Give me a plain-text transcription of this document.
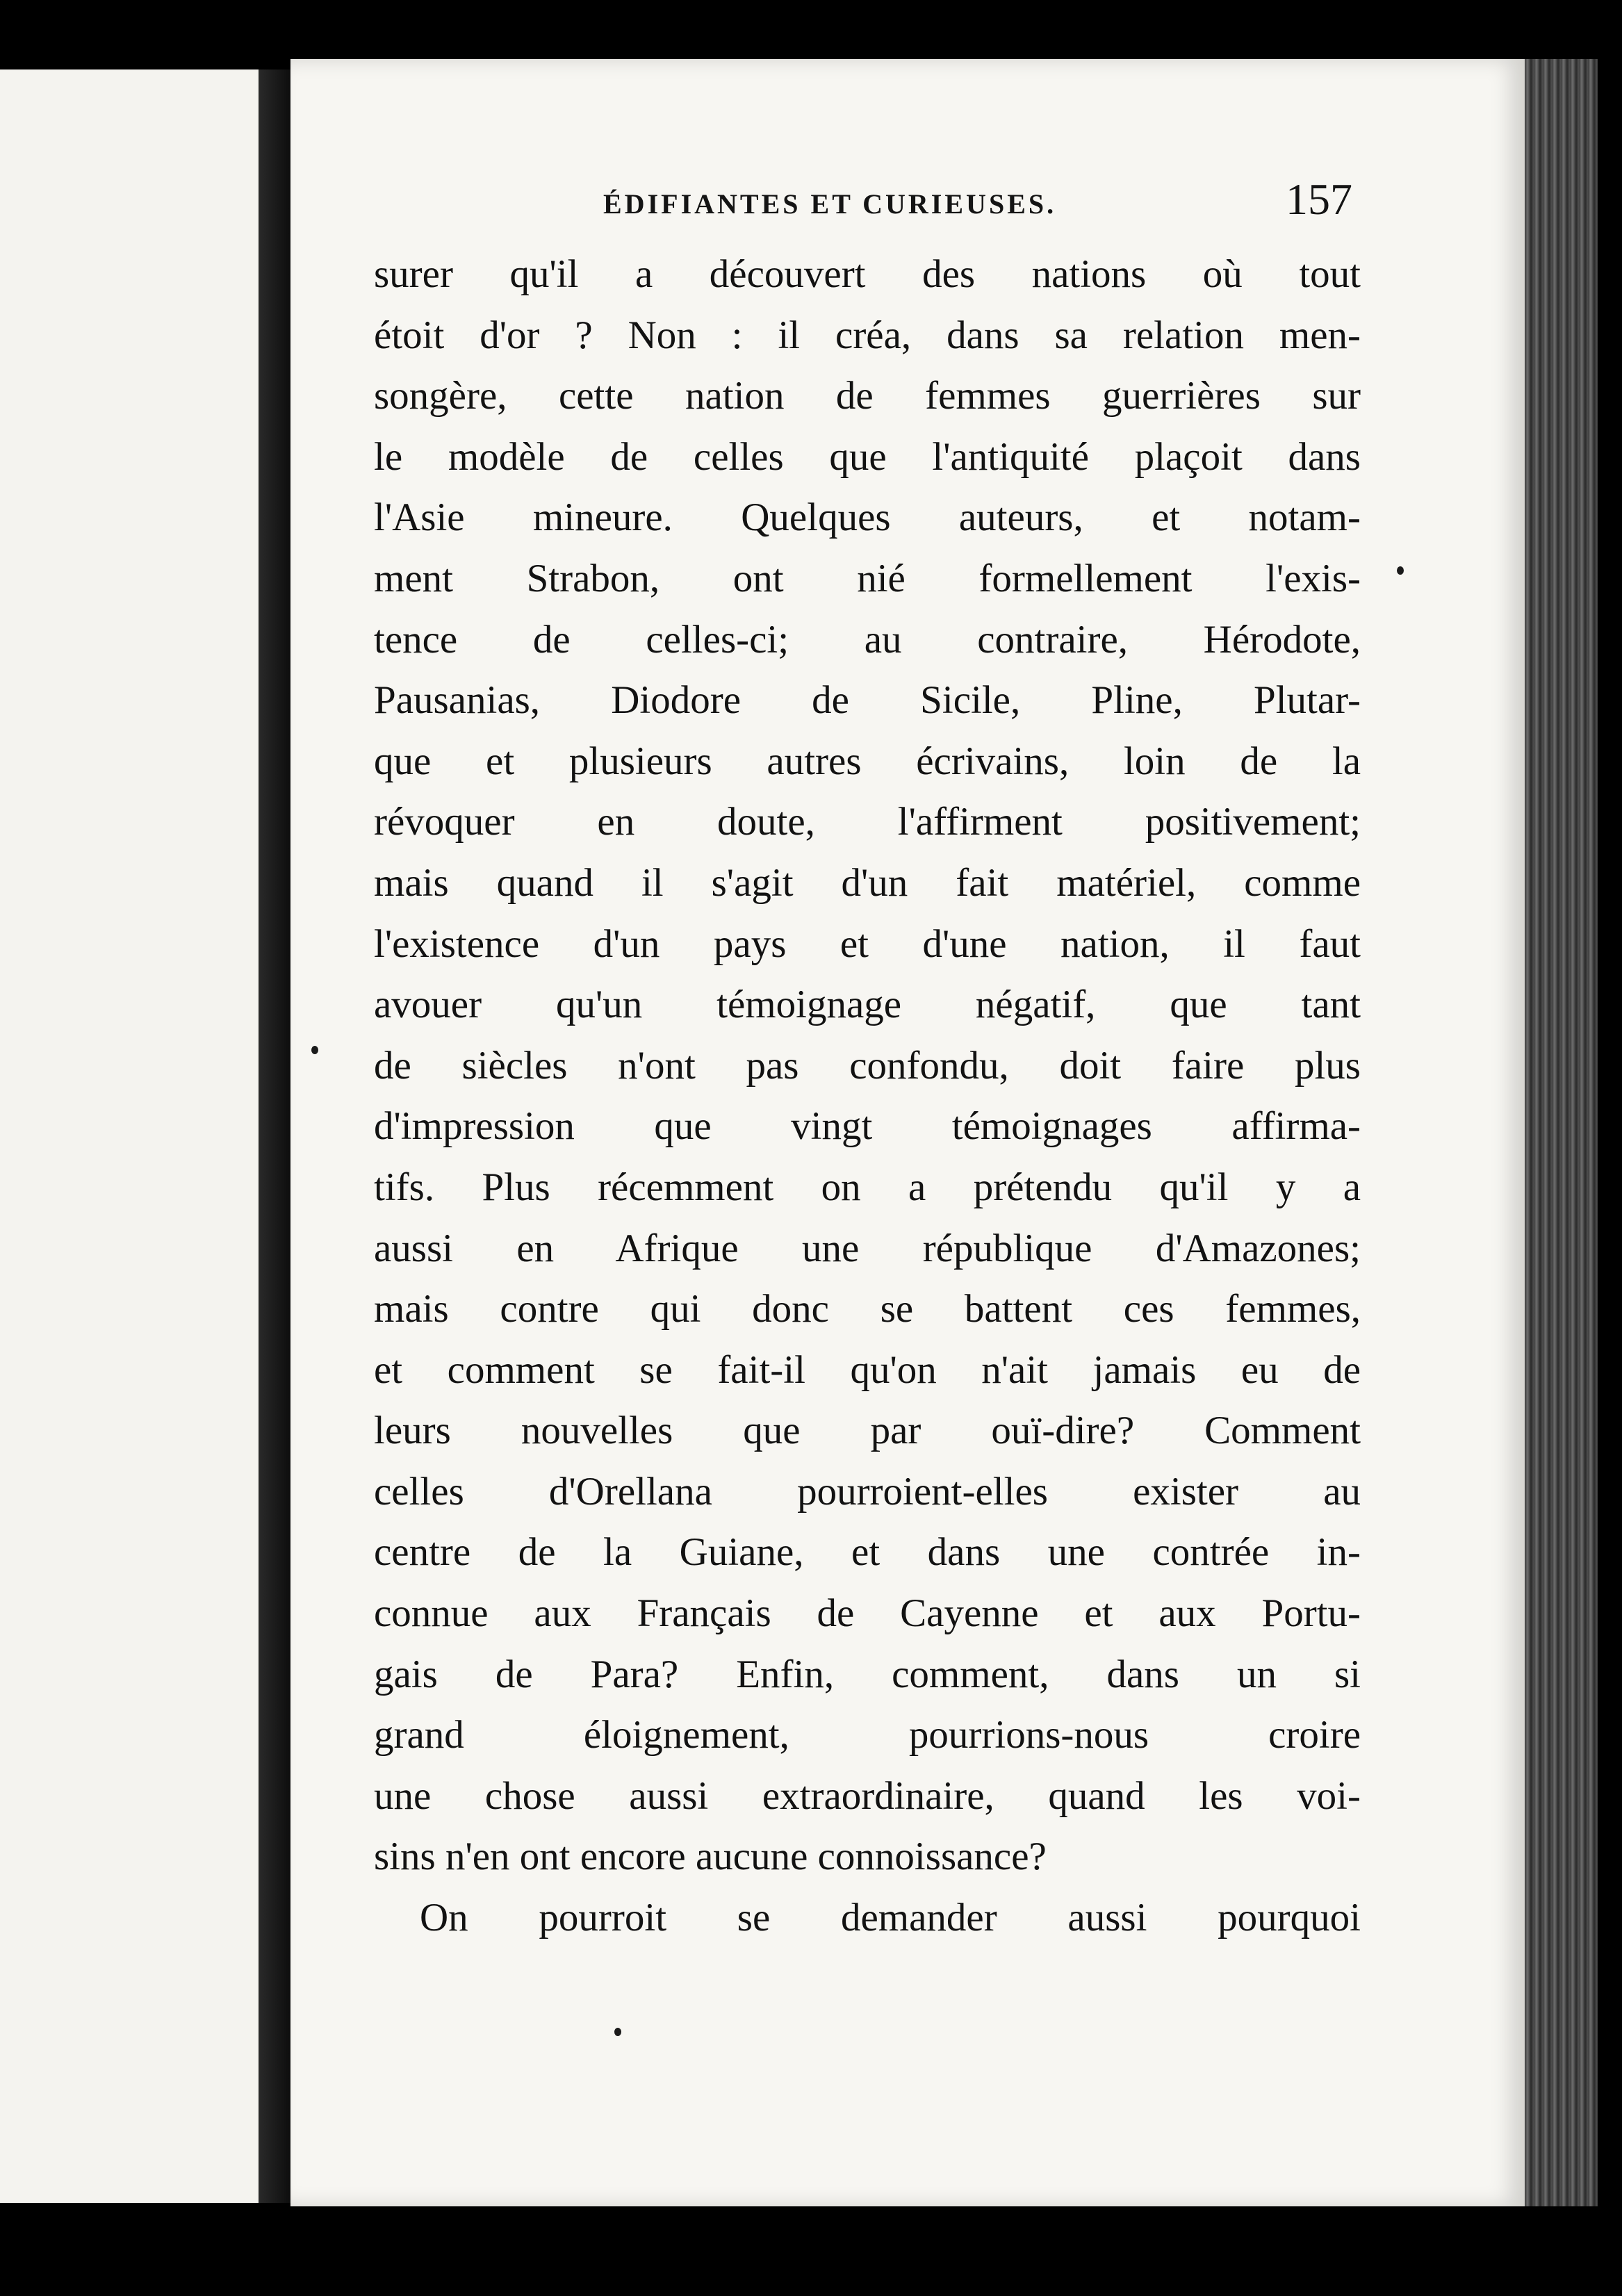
ÉDIFIANTES ET CURIEUSES.	157
surer qu'il a découvert des nations où tout
étoit d'or ? Non : il créa, dans sa relation men-
songère, cette nation de femmes guerrières sur
le modèle de celles que l'antiquité plaçoit dans
l'Asie mineure. Quelques auteurs, et notam-
ment Strabon, ont nié formellement l'exis-
tence de celles-ci; au contraire, Hérodote,
Pausanias, Diodore de Sicile, Pline, Plutar-
que et plusieurs autres écrivains, loin de la
révoquer en doute, l'affirment positivement;
mais quand il s'agit d'un fait matériel, comme
l'existence d'un pays et d'une nation, il faut
avouer qu'un témoignage négatif, que tant
de siècles n'ont pas confondu, doit faire plus
d'impression que vingt témoignages affirma-
tifs. Plus récemment on a prétendu qu'il y a
aussi en Afrique une république d'Amazones;
mais contre qui donc se battent ces femmes,
et comment se fait-il qu'on n'ait jamais eu de
leurs nouvelles que par ouï-dire? Comment
celles d'Orellana pourroient-elles exister au
centre de la Guiane, et dans une contrée in-
connue aux Français de Cayenne et aux Portu-
gais de Para? Enfin, comment, dans un si
grand éloignement, pourrions-nous croire
une chose aussi extraordinaire, quand les voi-
sins n'en ont encore aucune connoissance?
On pourroit se demander aussi pourquoi
